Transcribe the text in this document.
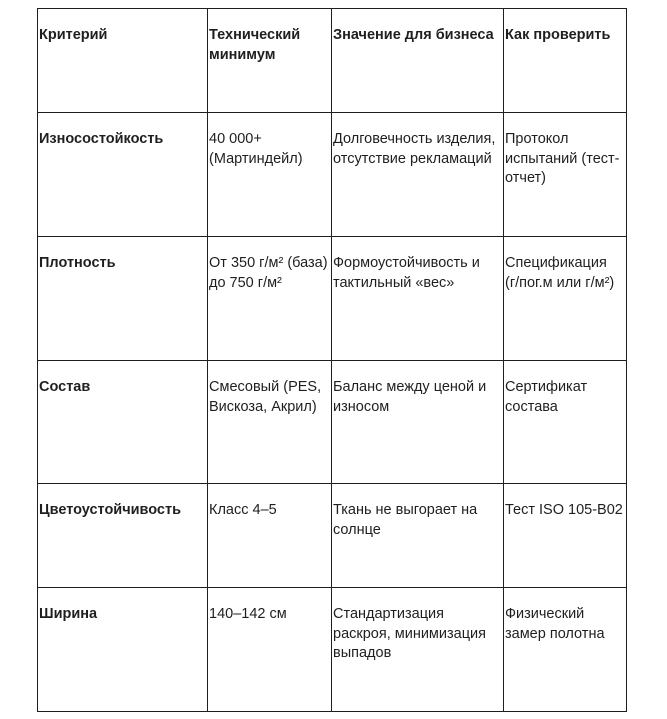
Критерий	Технический минимум	Значение для бизнеса	Как проверить
Износостойкость	40 000+ (Мартиндейл)	Долговечность изделия, отсутствие рекламаций	Протокол испытаний (тест-отчет)
Плотность	От 350 г/м² (база) до 750 г/м²	Формоустойчивость и тактильный «вес»	Спецификация (г/пог.м или г/м²)
Состав	Смесовый (PES, Вискоза, Акрил)	Баланс между ценой и износом	Сертификат состава
Цветоустойчивость	Класс 4–5	Ткань не выгорает на солнце	Тест ISO 105-B02
Ширина	140–142 см	Стандартизация раскроя, минимизация выпадов	Физический замер полотна
